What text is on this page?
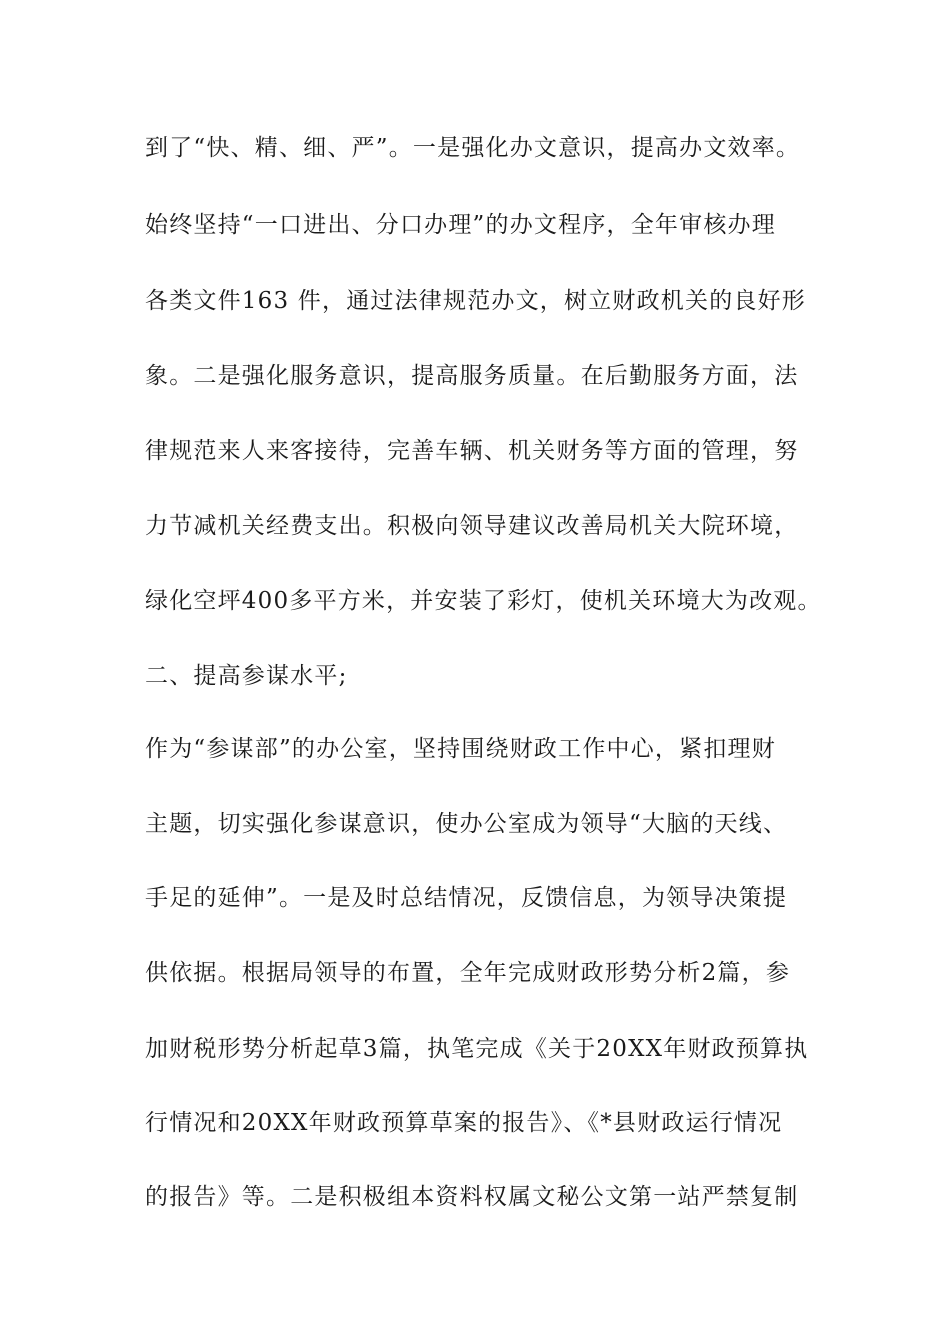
到了“快、精、细、严”。一是强化办文意识，提高办文效率。
始终坚持“一口进出、分口办理”的办文程序，全年审核办理
各类文件163 件，通过法律规范办文，树立财政机关的良好形
象。二是强化服务意识，提高服务质量。在后勤服务方面，法
律规范来人来客接待，完善车辆、机关财务等方面的管理，努
力节减机关经费支出。积极向领导建议改善局机关大院环境，
绿化空坪400多平方米，并安装了彩灯，使机关环境大为改观。
二、提高参谋水平;
作为“参谋部”的办公室，坚持围绕财政工作中心，紧扣理财
主题，切实强化参谋意识，使办公室成为领导“大脑的天线、
手足的延伸”。一是及时总结情况，反馈信息，为领导决策提
供依据。根据局领导的布置，全年完成财政形势分析2篇，参
加财税形势分析起草3篇，执笔完成《关于20XX年财政预算执
行情况和20XX年财政预算草案的报告》、《*县财政运行情况
的报告》等。二是积极组本资料权属文秘公文第一站严禁复制
